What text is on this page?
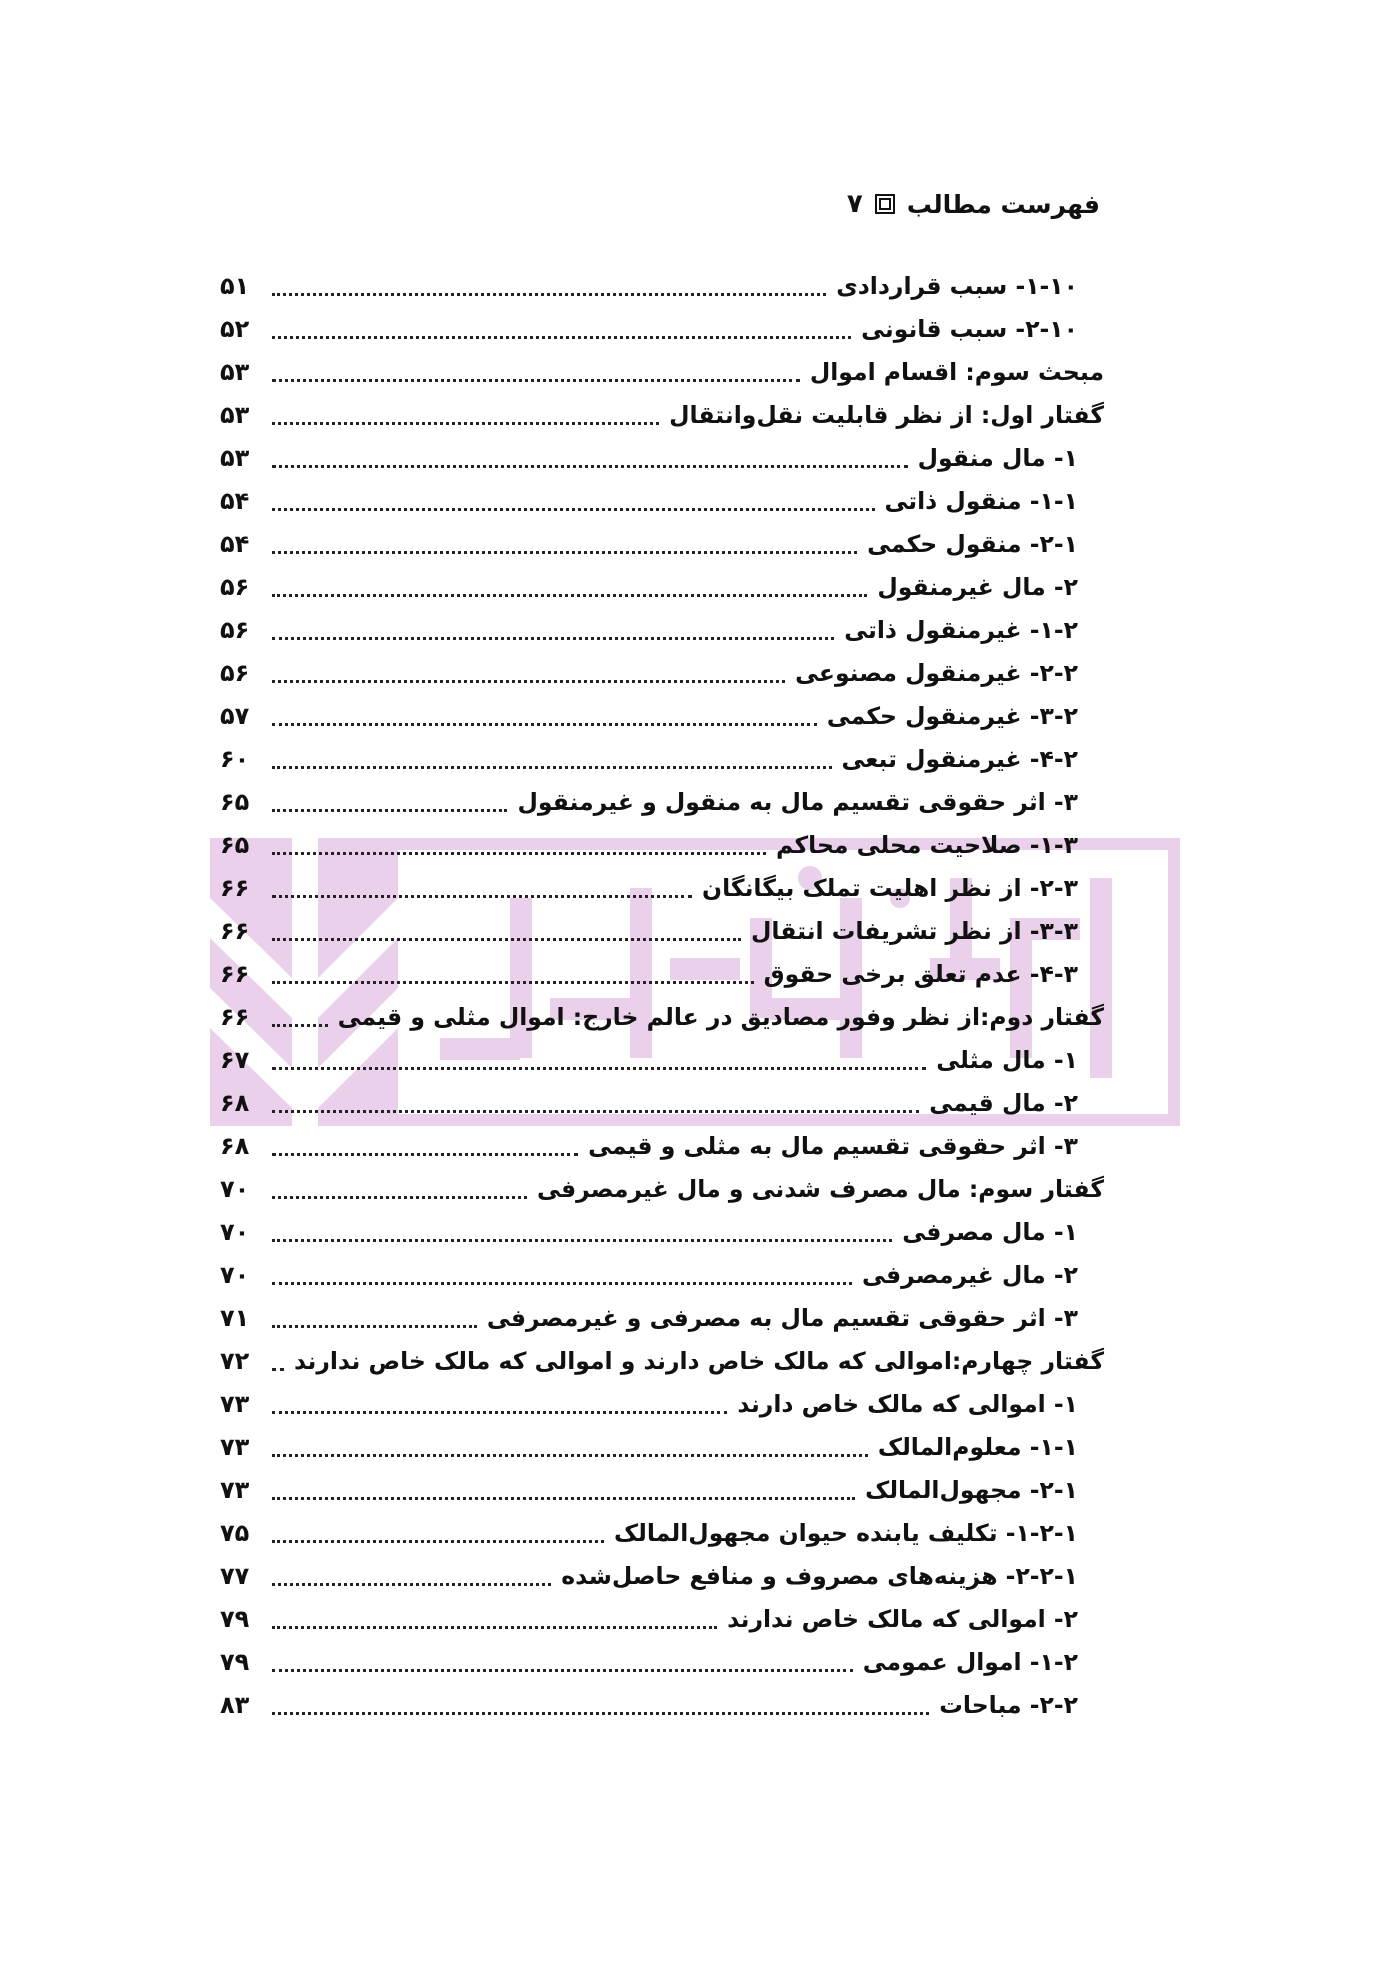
فهرست مطالب
۷
۱-۱۰- سبب قراردادی
۵۱
۲-۱۰- سبب قانونی
۵۲
مبحث سوم: اقسام اموال
۵۳
گفتار اول: از نظر قابلیت نقل‌وانتقال
۵۳
۱- مال منقول
۵۳
۱-۱- منقول ذاتی
۵۴
۲-۱- منقول حکمی
۵۴
۲- مال غیرمنقول
۵۶
۱-۲- غیرمنقول ذاتی
۵۶
۲-۲- غیرمنقول مصنوعی
۵۶
۳-۲- غیرمنقول حکمی
۵۷
۴-۲- غیرمنقول تبعی
۶۰
۳- اثر حقوقی تقسیم مال به منقول و غیرمنقول
۶۵
۱-۳- صلاحیت محلی محاکم
۶۵
۲-۳- از نظر اهلیت تملک بیگانگان
۶۶
۳-۳- از نظر تشریفات انتقال
۶۶
۴-۳- عدم تعلق برخی حقوق
۶۶
گفتار دوم:از نظر وفور مصادیق در عالم خارج: اموال مثلی و قیمی
۶۶
۱- مال مثلی
۶۷
۲- مال قیمی
۶۸
۳- اثر حقوقی تقسیم مال به مثلی و قیمی
۶۸
گفتار سوم: مال مصرف شدنی و مال غیرمصرفی
۷۰
۱- مال مصرفی
۷۰
۲- مال غیرمصرفی
۷۰
۳- اثر حقوقی تقسیم مال به مصرفی و غیرمصرفی
۷۱
گفتار چهارم:اموالی که مالک خاص دارند و اموالی که مالک خاص ندارند
۷۲
۱- اموالی که مالک خاص دارند
۷۳
۱-۱- معلوم‌المالک
۷۳
۲-۱- مجهول‌المالک
۷۳
۱-۲-۱- تکلیف یابنده حیوان مجهول‌المالک
۷۵
۲-۲-۱- هزینه‌های مصروف و منافع حاصل‌شده
۷۷
۲- اموالی که مالک خاص ندارند
۷۹
۱-۲- اموال عمومی
۷۹
۲-۲- مباحات
۸۳
